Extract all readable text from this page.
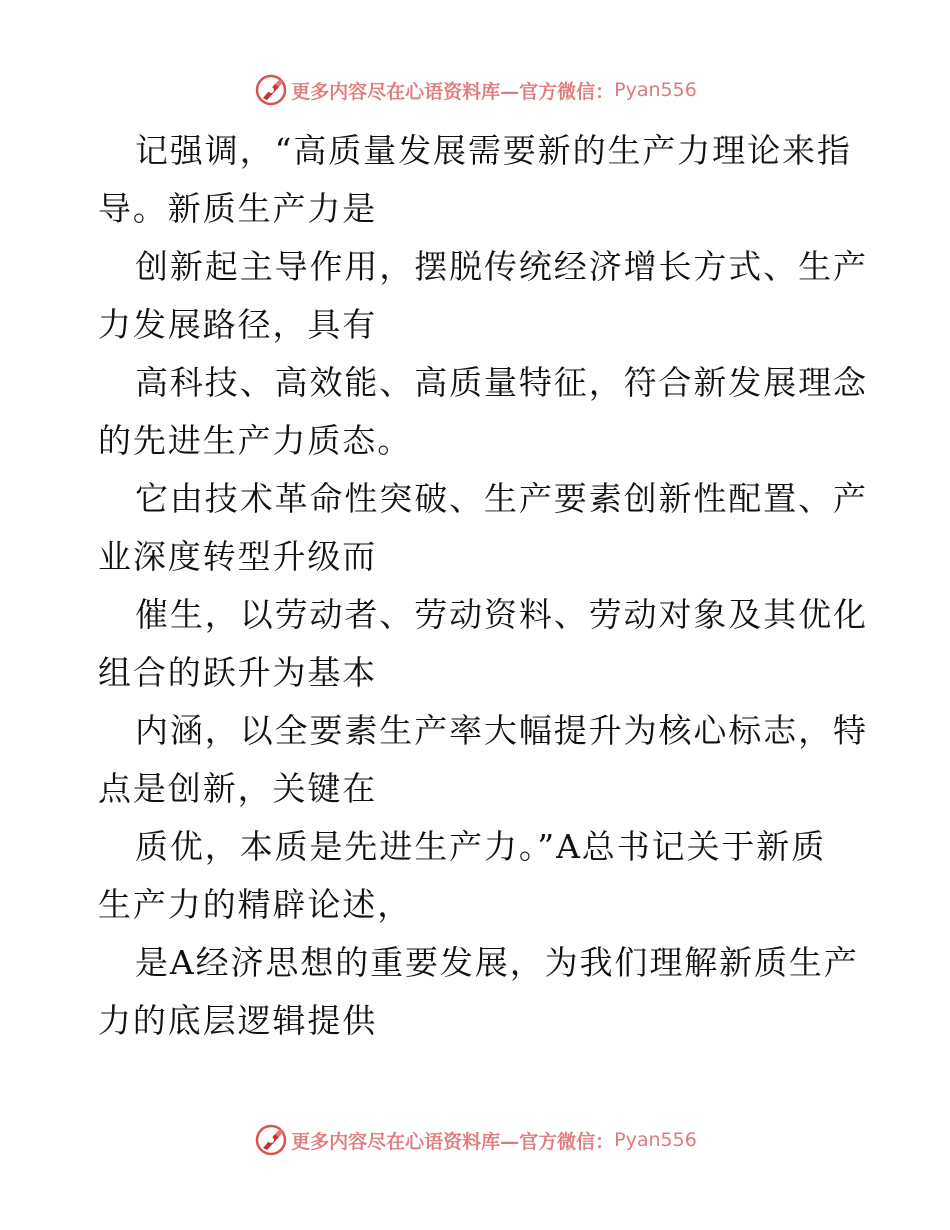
更多内容尽在心语资料库—官方微信： Pyan556
记强调，“高质量发展需要新的生产力理论来指
导。新质生产力是
创新起主导作用，摆脱传统经济增长方式、生产
力发展路径，具有
高科技、高效能、高质量特征，符合新发展理念
的先进生产力质态。
它由技术革命性突破、生产要素创新性配置、产
业深度转型升级而
催生，以劳动者、劳动资料、劳动对象及其优化
组合的跃升为基本
内涵，以全要素生产率大幅提升为核心标志，特
点是创新，关键在
质优，本质是先进生产力。”A总书记关于新质
生产力的精辟论述，
是A经济思想的重要发展，为我们理解新质生产
力的底层逻辑提供
更多内容尽在心语资料库—官方微信： Pyan556
